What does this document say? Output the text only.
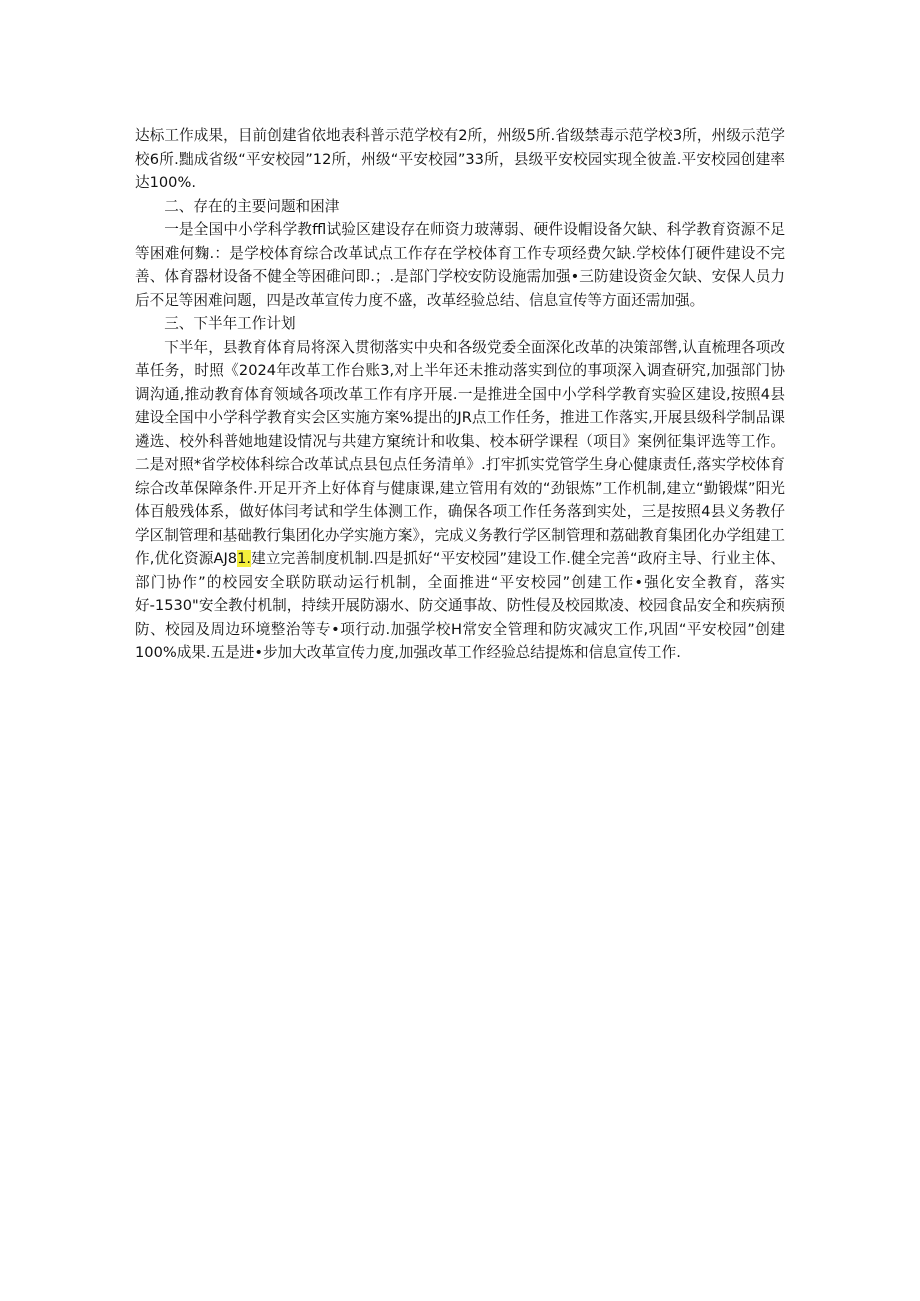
达标工作成果，目前创建省依地表科普示范学校有2所，州级5所.省级禁毒示范学校3所，州级示范学校6所.黜成省级“平安校园”12所，州级“平安校园”33所，县级平安校园实现全彼盖.平安校园创建率达100%.

二、存在的主要问题和困津

一是全国中小学科学教ffl试验区建设存在师资力玻薄弱、硬件设帽设备欠缺、科学教育资源不足等困难何麴.：是学校体育综合改革试点工作存在学校体育工作专项经费欠缺.学校体仃硬件建设不完善、体育器材设备不健全等困碓问即.；.是部门学校安防设施需加强•三防建设资金欠缺、安保人员力后不足等困难问题，四是改革宣传力度不盛，改革经验总结、信息宣传等方面还需加强。

三、下半年工作计划

下半年，县教育体育局将深入贯彻落实中央和各级党委全面深化改革的决策部辔,认直梳理各项改革任务，时照《2024年改革工作台账3,对上半年还未推动落实到位的事项深入调查研究,加强部门协调沟通,推动教育体育领域各项改革工作有序开展.一是推进全国中小学科学教育实验区建设,按照4县建设全国中小学科学教育实会区实施方案%提出的JR点工作任务，推进工作落实,开展县级科学制品课遴选、校外科普她地建设情况与共建方窠统计和收集、校本研学课程（项目》案例征集评选等工作。二是对照*省学校体科综合改革试点县包点任务清单》.打牢抓实党管学生身心健康责任,落实学校体育综合改革保障条件.开足开齐上好体育与健康课,建立管用有效的“劲银炼”工作机制,建立“勤锻煤”阳光体百般残体系，做好体闫考试和学生体测工作，确保各项工作任务落到实处，三是按照4县义务教仔学区制管理和基础教行集团化办学实施方案》，完成义务教行学区制管理和荔础教育集团化办学组建工作,优化资源AJ81.建立完善制度机制.四是抓好“平安校园”建设工作.健全完善“政府主导、行业主体、部门协作”的校园安全联防联动运行机制，全面推进“平安校园”创建工作•强化安全教育，落实好-1530"安全教付机制，持续开展防溺水、防交通事故、防性侵及校园欺凌、校园食品安全和疾病预防、校园及周边环境整治等专•项行动.加强学校H常安全管理和防灾减灾工作,巩固“平安校园”创建100%成果.五是进•步加大改革宣传力度,加强改革工作经验总结提炼和信息宣传工作.
